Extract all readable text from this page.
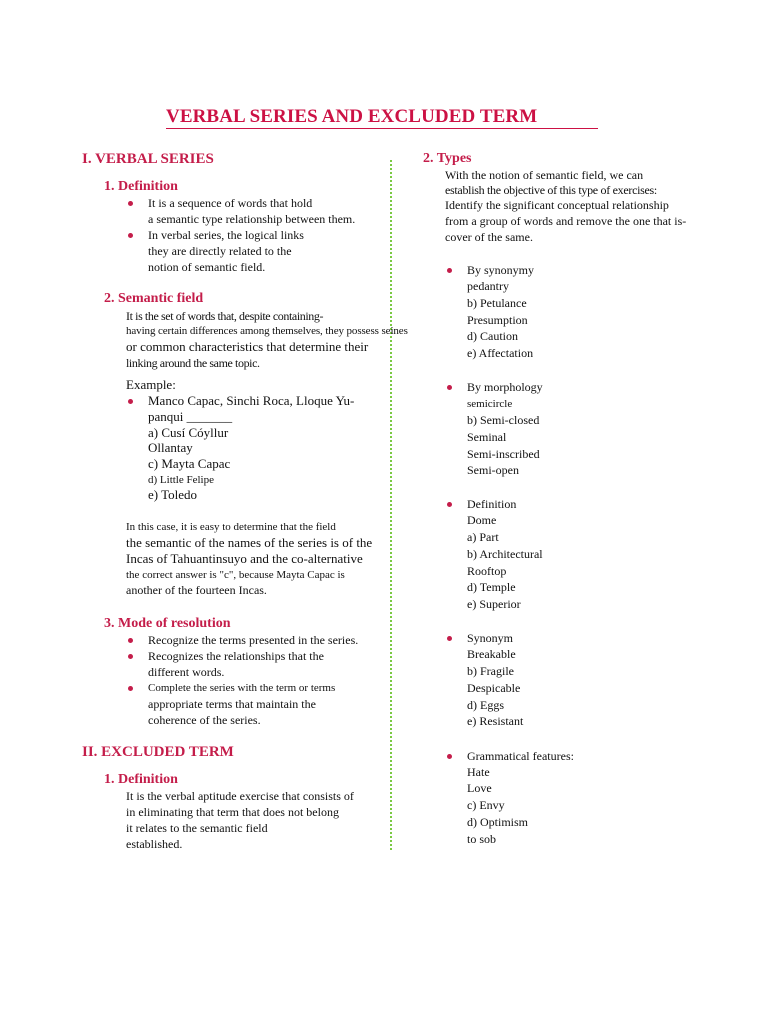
VERBAL SERIES AND EXCLUDED TERM
I. VERBAL SERIES
1. Definition
It is a sequence of words that hold
a semantic type relationship between them.
In verbal series, the logical links
they are directly related to the
notion of semantic field.
2. Semantic field
It is the set of words that, despite containing-
having certain differences among themselves, they possess seines
or common characteristics that determine their
linking around the same topic.
Example:
Manco Capac, Sinchi Roca, Lloque Yu-
panqui _______
a) Cusí Cóyllur
Ollantay
c) Mayta Capac
d) Little Felipe
e) Toledo
In this case, it is easy to determine that the field
the semantic of the names of the series is of the
Incas of Tahuantinsuyo and the co-alternative
the correct answer is "c", because Mayta Capac is
another of the fourteen Incas.
3. Mode of resolution
Recognize the terms presented in the series.
Recognizes the relationships that the
different words.
Complete the series with the term or terms
appropriate terms that maintain the
coherence of the series.
II. EXCLUDED TERM
1. Definition
It is the verbal aptitude exercise that consists of
in eliminating that term that does not belong
it relates to the semantic field
established.
2. Types
With the notion of semantic field, we can
establish the objective of this type of exercises:
Identify the significant conceptual relationship
from a group of words and remove the one that is-
cover of the same.
By synonymy
pedantry
b) Petulance
Presumption
d) Caution
e) Affectation
By morphology
semicircle
b) Semi-closed
Seminal
Semi-inscribed
Semi-open
Definition
Dome
a) Part
b) Architectural
Rooftop
d) Temple
e) Superior
Synonym
Breakable
b) Fragile
Despicable
d) Eggs
e) Resistant
Grammatical features:
Hate
Love
c) Envy
d) Optimism
to sob
